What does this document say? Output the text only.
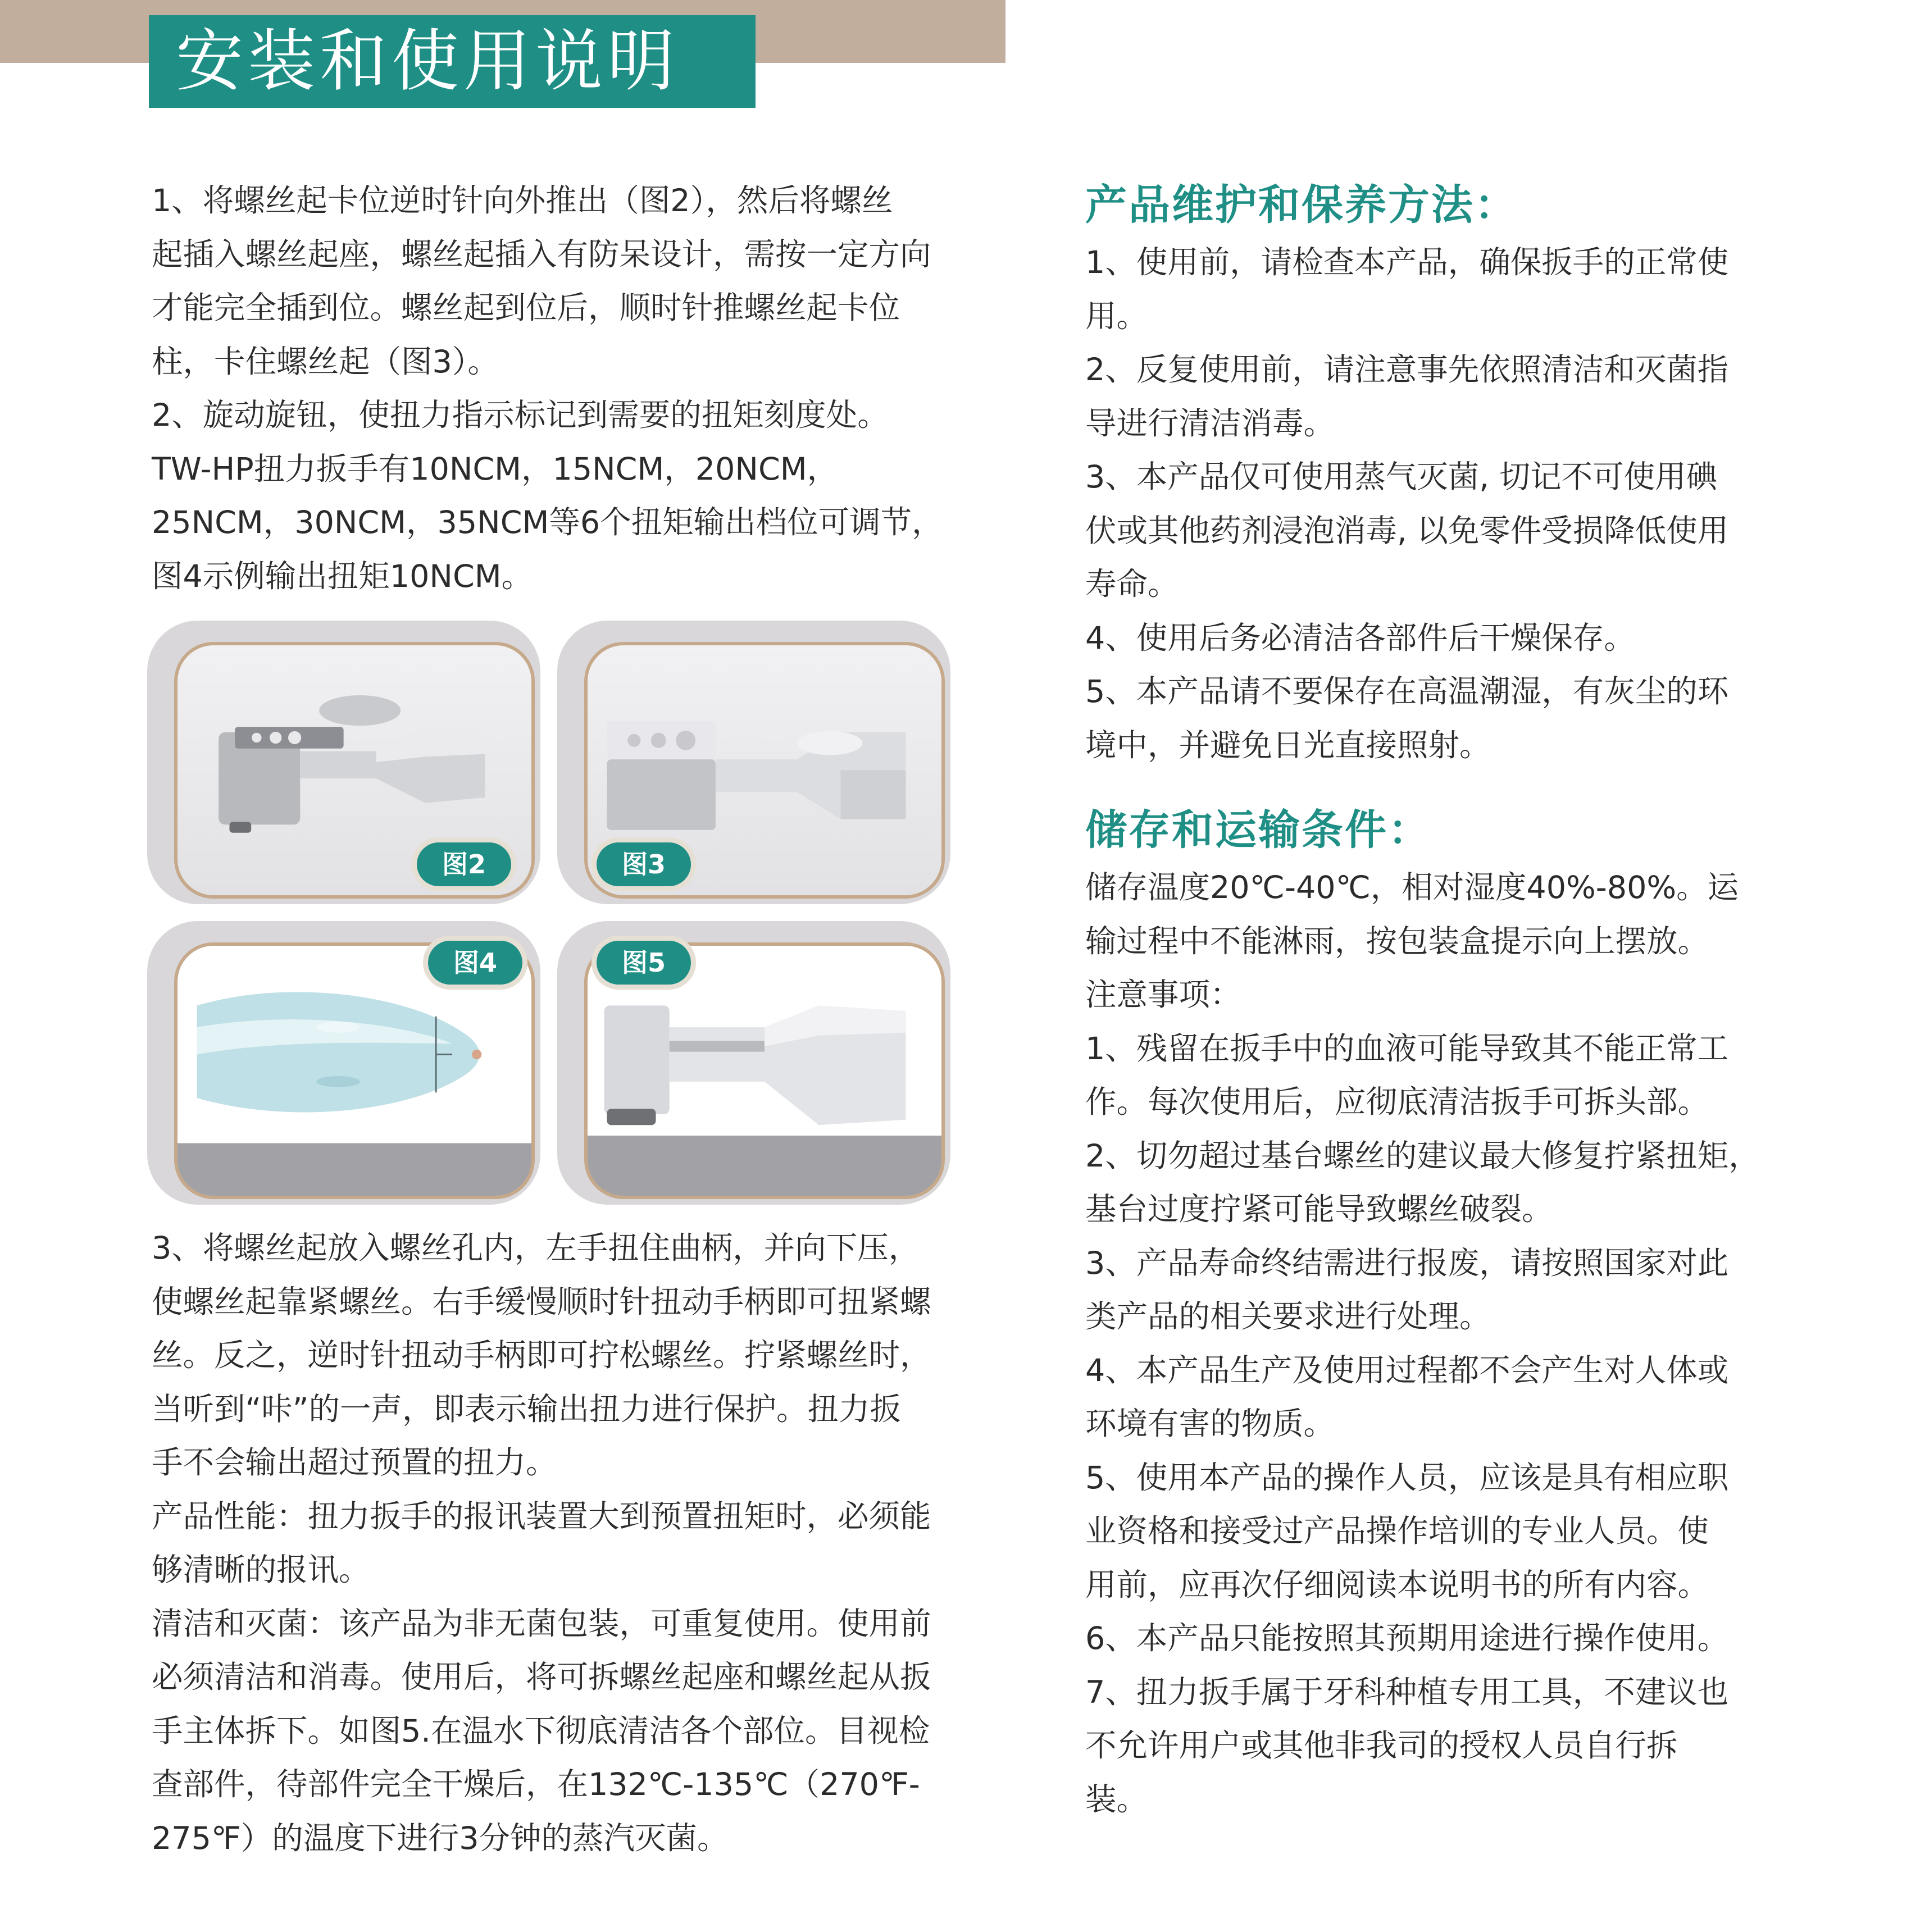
安装和使用说明

1、将螺丝起卡位逆时针向外推出（图2），然后将螺丝

起插入螺丝起座，螺丝起插入有防呆设计，需按一定方向

才能完全插到位。螺丝起到位后，顺时针推螺丝起卡位

柱，卡住螺丝起（图3）。

2、旋动旋钮，使扭力指示标记到需要的扭矩刻度处。

TW-HP扭力扳手有10NCM，15NCM，20NCM，

25NCM，30NCM，35NCM等6个扭矩输出档位可调节，

图4示例输出扭矩10NCM。

图2	图3
图4	图5

3、将螺丝起放入螺丝孔内，左手扭住曲柄，并向下压，

使螺丝起靠紧螺丝。右手缓慢顺时针扭动手柄即可扭紧螺

丝。反之，逆时针扭动手柄即可拧松螺丝。拧紧螺丝时，

当听到“咔”的一声，即表示输出扭力进行保护。扭力扳

手不会输出超过预置的扭力。

产品性能：扭力扳手的报讯装置大到预置扭矩时，必须能

够清晰的报讯。

清洁和灭菌：该产品为非无菌包装，可重复使用。使用前

必须清洁和消毒。使用后，将可拆螺丝起座和螺丝起从扳

手主体拆下。如图5.在温水下彻底清洁各个部位。目视检

查部件，待部件完全干燥后，在132℃-135℃（270℉-

275℉）的温度下进行3分钟的蒸汽灭菌。

产品维护和保养方法：

1、使用前，请检查本产品，确保扳手的正常使

用。

2、反复使用前，请注意事先依照清洁和灭菌指

导进行清洁消毒。

3、本产品仅可使用蒸气灭菌, 切记不可使用碘

伏或其他药剂浸泡消毒, 以免零件受损降低使用

寿命。

4、使用后务必清洁各部件后干燥保存。

5、本产品请不要保存在高温潮湿，有灰尘的环

境中，并避免日光直接照射。

储存和运输条件：

储存温度20℃-40℃，相对湿度40%-80%。运

输过程中不能淋雨，按包装盒提示向上摆放。

注意事项：

1、残留在扳手中的血液可能导致其不能正常工

作。每次使用后，应彻底清洁扳手可拆头部。

2、切勿超过基台螺丝的建议最大修复拧紧扭矩，

基台过度拧紧可能导致螺丝破裂。

3、产品寿命终结需进行报废，请按照国家对此

类产品的相关要求进行处理。

4、本产品生产及使用过程都不会产生对人体或

环境有害的物质。

5、使用本产品的操作人员，应该是具有相应职

业资格和接受过产品操作培训的专业人员。使

用前，应再次仔细阅读本说明书的所有内容。

6、本产品只能按照其预期用途进行操作使用。

7、扭力扳手属于牙科种植专用工具，不建议也

不允许用户或其他非我司的授权人员自行拆

装。
